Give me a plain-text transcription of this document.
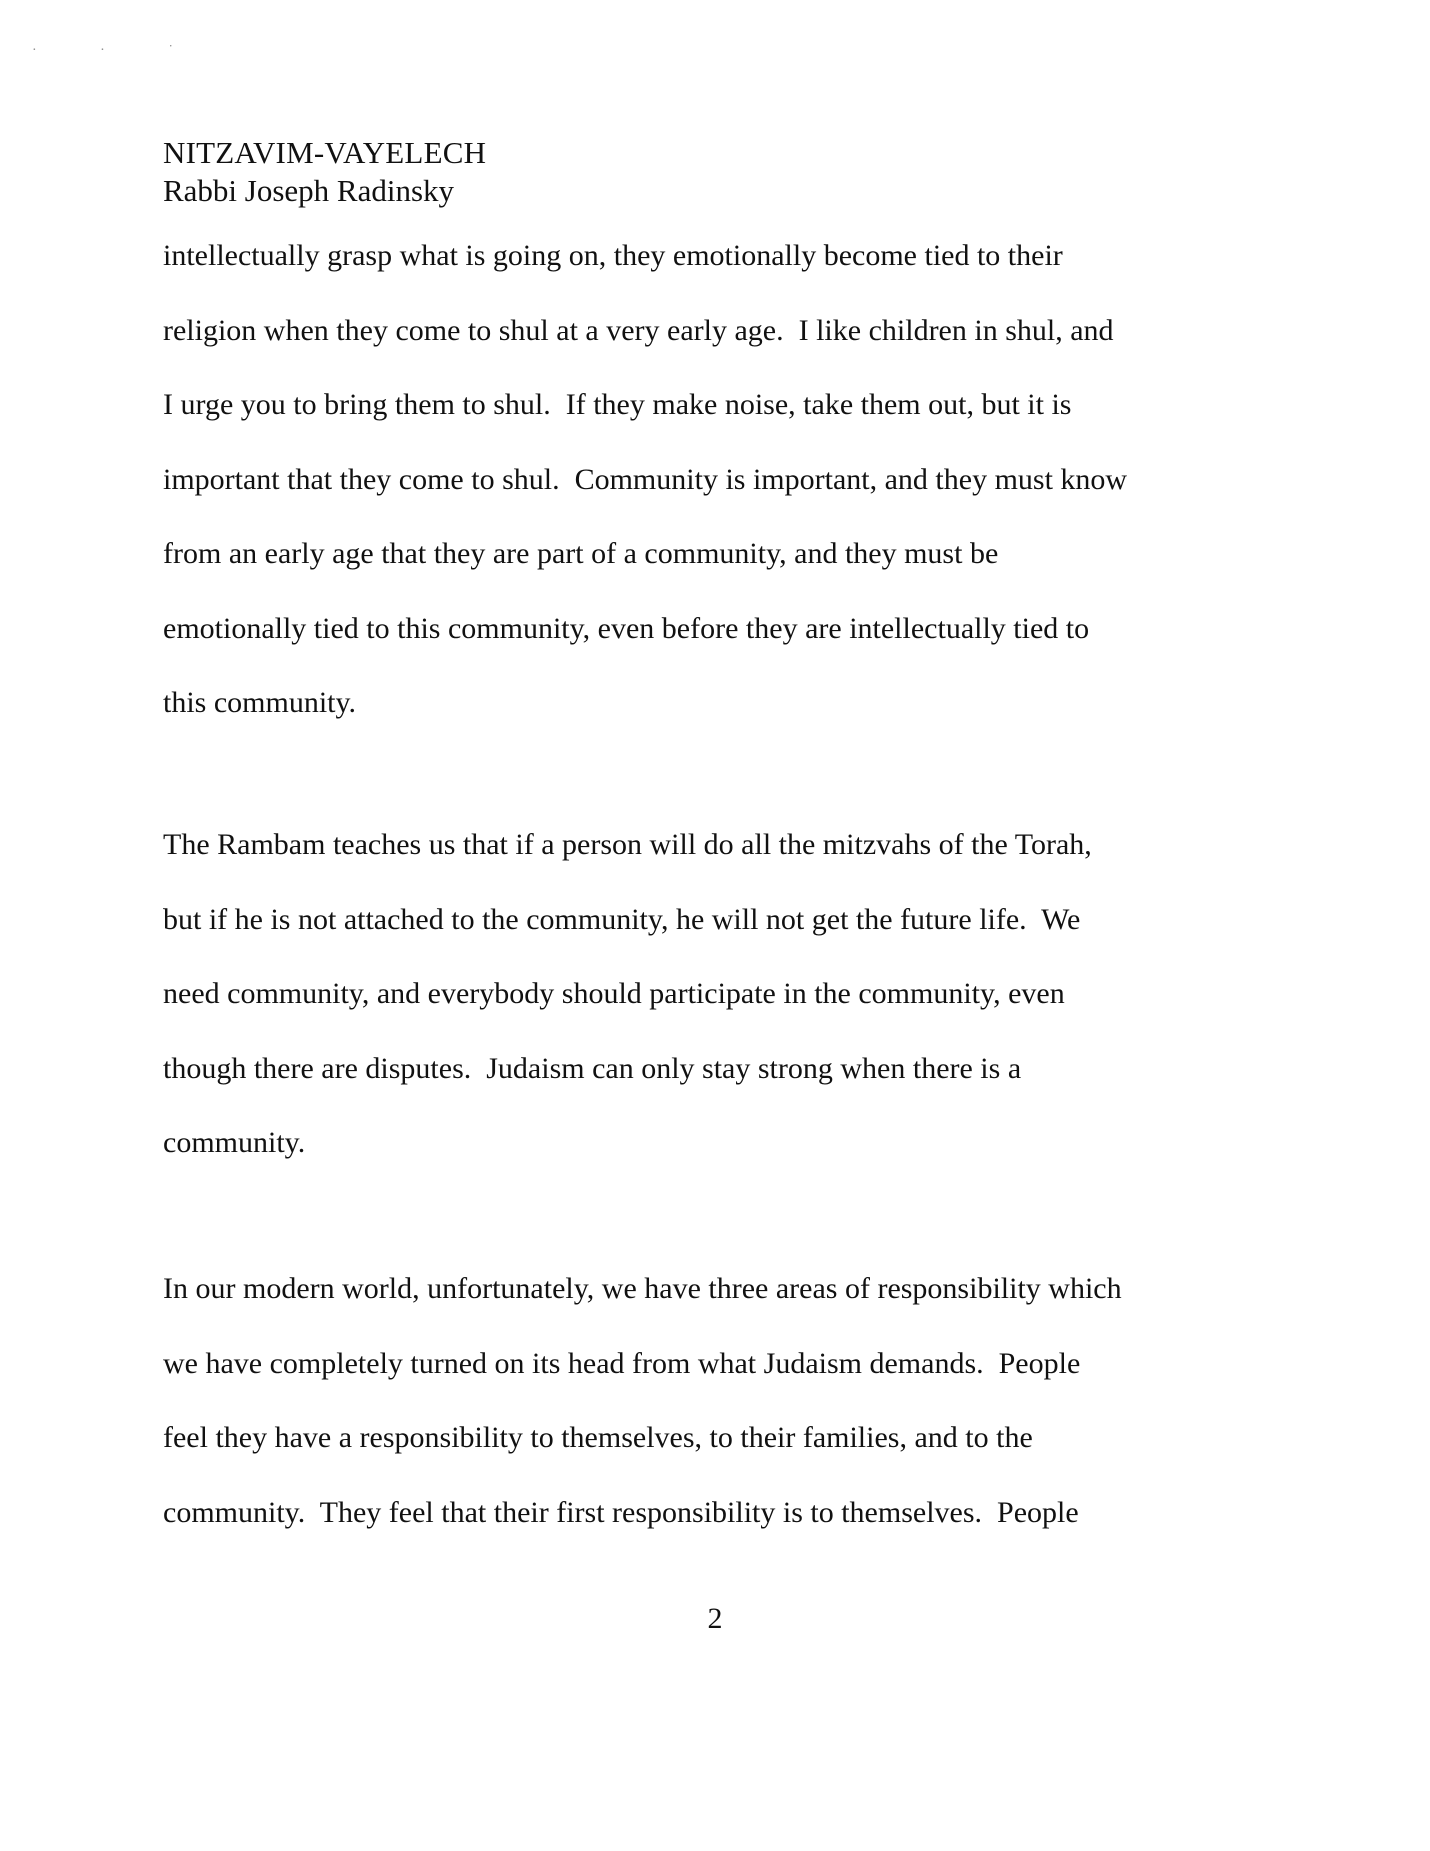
· · ˙
NITZAVIM-VAYELECH
Rabbi Joseph Radinsky

intellectually grasp what is going on, they emotionally become tied to their
religion when they come to shul at a very early age.  I like children in shul, and
I urge you to bring them to shul.  If they make noise, take them out, but it is
important that they come to shul.  Community is important, and they must know
from an early age that they are part of a community, and they must be
emotionally tied to this community, even before they are intellectually tied to
this community.

The Rambam teaches us that if a person will do all the mitzvahs of the Torah,
but if he is not attached to the community, he will not get the future life.  We
need community, and everybody should participate in the community, even
though there are disputes.  Judaism can only stay strong when there is a
community.

In our modern world, unfortunately, we have three areas of responsibility which
we have completely turned on its head from what Judaism demands.  People
feel they have a responsibility to themselves, to their families, and to the
community.  They feel that their first responsibility is to themselves.  People

2
